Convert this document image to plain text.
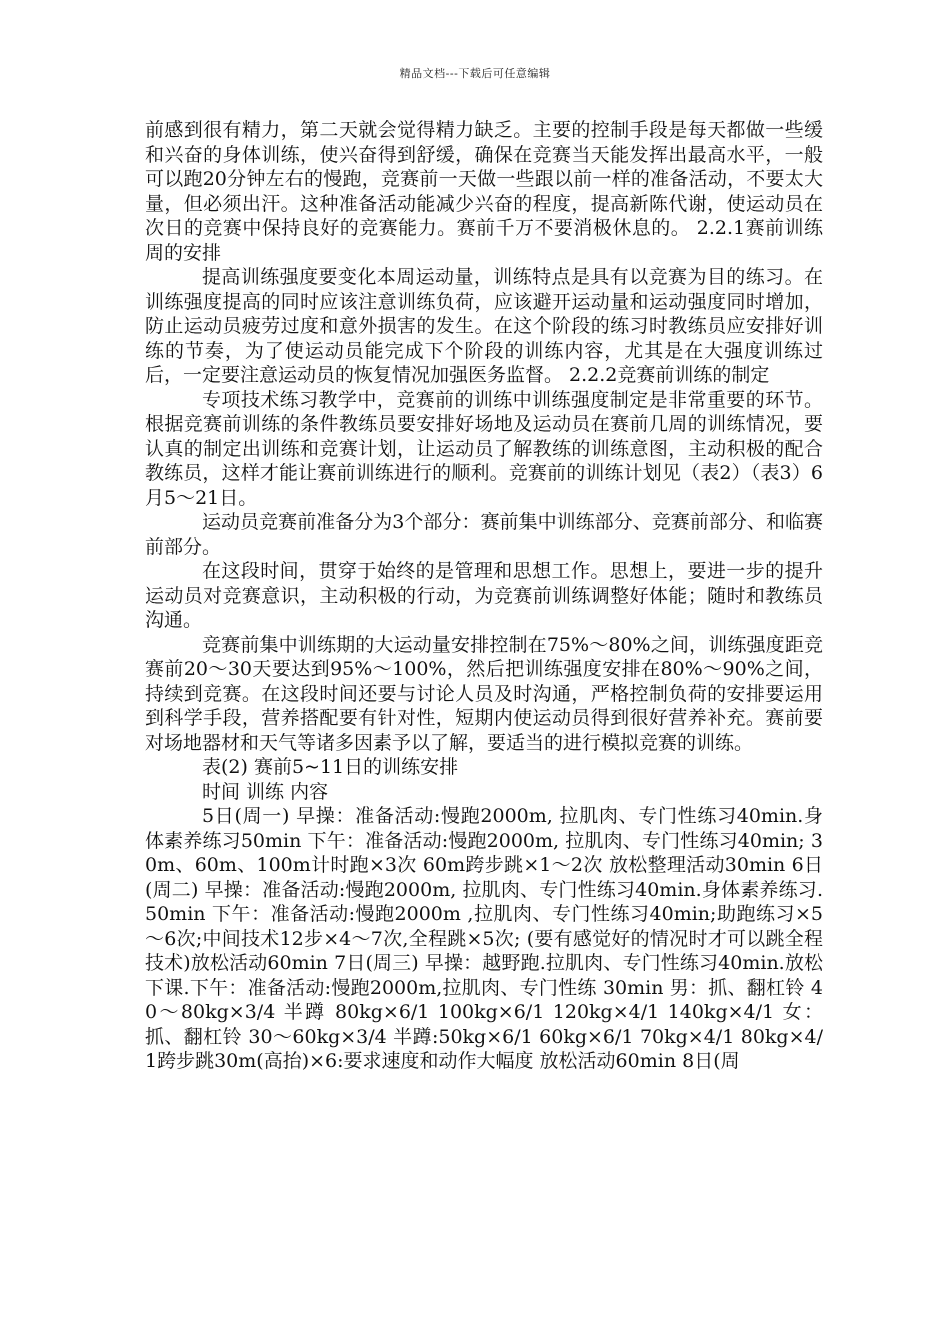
精品文档---下载后可任意编辑

前感到很有精力，第二天就会觉得精力缺乏。主要的控制手段是每天都做一些缓和兴奋的身体训练，使兴奋得到舒缓，确保在竞赛当天能发挥出最高水平，一般可以跑20分钟左右的慢跑，竞赛前一天做一些跟以前一样的准备活动，不要太大量，但必须出汗。这种准备活动能减少兴奋的程度，提高新陈代谢，使运动员在次日的竞赛中保持良好的竞赛能力。赛前千万不要消极休息的。 2.2.1赛前训练周的安排

提高训练强度要变化本周运动量，训练特点是具有以竞赛为目的练习。在训练强度提高的同时应该注意训练负荷，应该避开运动量和运动强度同时增加，防止运动员疲劳过度和意外损害的发生。在这个阶段的练习时教练员应安排好训练的节奏，为了使运动员能完成下个阶段的训练内容，尤其是在大强度训练过后，一定要注意运动员的恢复情况加强医务监督。 2.2.2竞赛前训练的制定

专项技术练习教学中，竞赛前的训练中训练强度制定是非常重要的环节。 根据竞赛前训练的条件教练员要安排好场地及运动员在赛前几周的训练情况，要认真的制定出训练和竞赛计划，让运动员了解教练的训练意图，主动积极的配合教练员，这样才能让赛前训练进行的顺利。竞赛前的训练计划见（表2）（表3）6月5～21日。

运动员竞赛前准备分为3个部分：赛前集中训练部分、竞赛前部分、和临赛前部分。

在这段时间，贯穿于始终的是管理和思想工作。思想上，要进一步的提升运动员对竞赛意识，主动积极的行动，为竞赛前训练调整好体能；随时和教练员沟通。

竞赛前集中训练期的大运动量安排控制在75%～80%之间，训练强度距竞赛前20～30天要达到95%～100%，然后把训练强度安排在80%～90%之间，持续到竞赛。在这段时间还要与讨论人员及时沟通，严格控制负荷的安排要运用到科学手段，营养搭配要有针对性，短期内使运动员得到很好营养补充。赛前要对场地器材和天气等诸多因素予以了解，要适当的进行模拟竞赛的训练。

表(2) 赛前5~11日的训练安排

时间 训练 内容

5日(周一) 早操：准备活动:慢跑2000m, 拉肌肉、专门性练习40min.身体素养练习50min 下午：准备活动:慢跑2000m, 拉肌肉、专门性练习40min; 30m、60m、100m计时跑×3次 60m跨步跳×1～2次 放松整理活动30min 6日(周二) 早操：准备活动:慢跑2000m, 拉肌肉、专门性练习40min.身体素养练习.50min 下午：准备活动:慢跑2000m ,拉肌肉、专门性练习40min;助跑练习×5～6次;中间技术12步×4～7次,全程跳×5次; (要有感觉好的情况时才可以跳全程技术)放松活动60min 7日(周三) 早操：越野跑.拉肌肉、专门性练习40min.放松下课.下午：准备活动:慢跑2000m,拉肌肉、专门性练 30min 男：抓、翻杠铃 40～80kg×3/4 半蹲 80kg×6/1 100kg×6/1 120kg×4/1 140kg×4/1 女：抓、翻杠铃 30～60kg×3/4 半蹲:50kg×6/1 60kg×6/1 70kg×4/1 80kg×4/1跨步跳30m(高抬)×6:要求速度和动作大幅度 放松活动60min 8日(周
